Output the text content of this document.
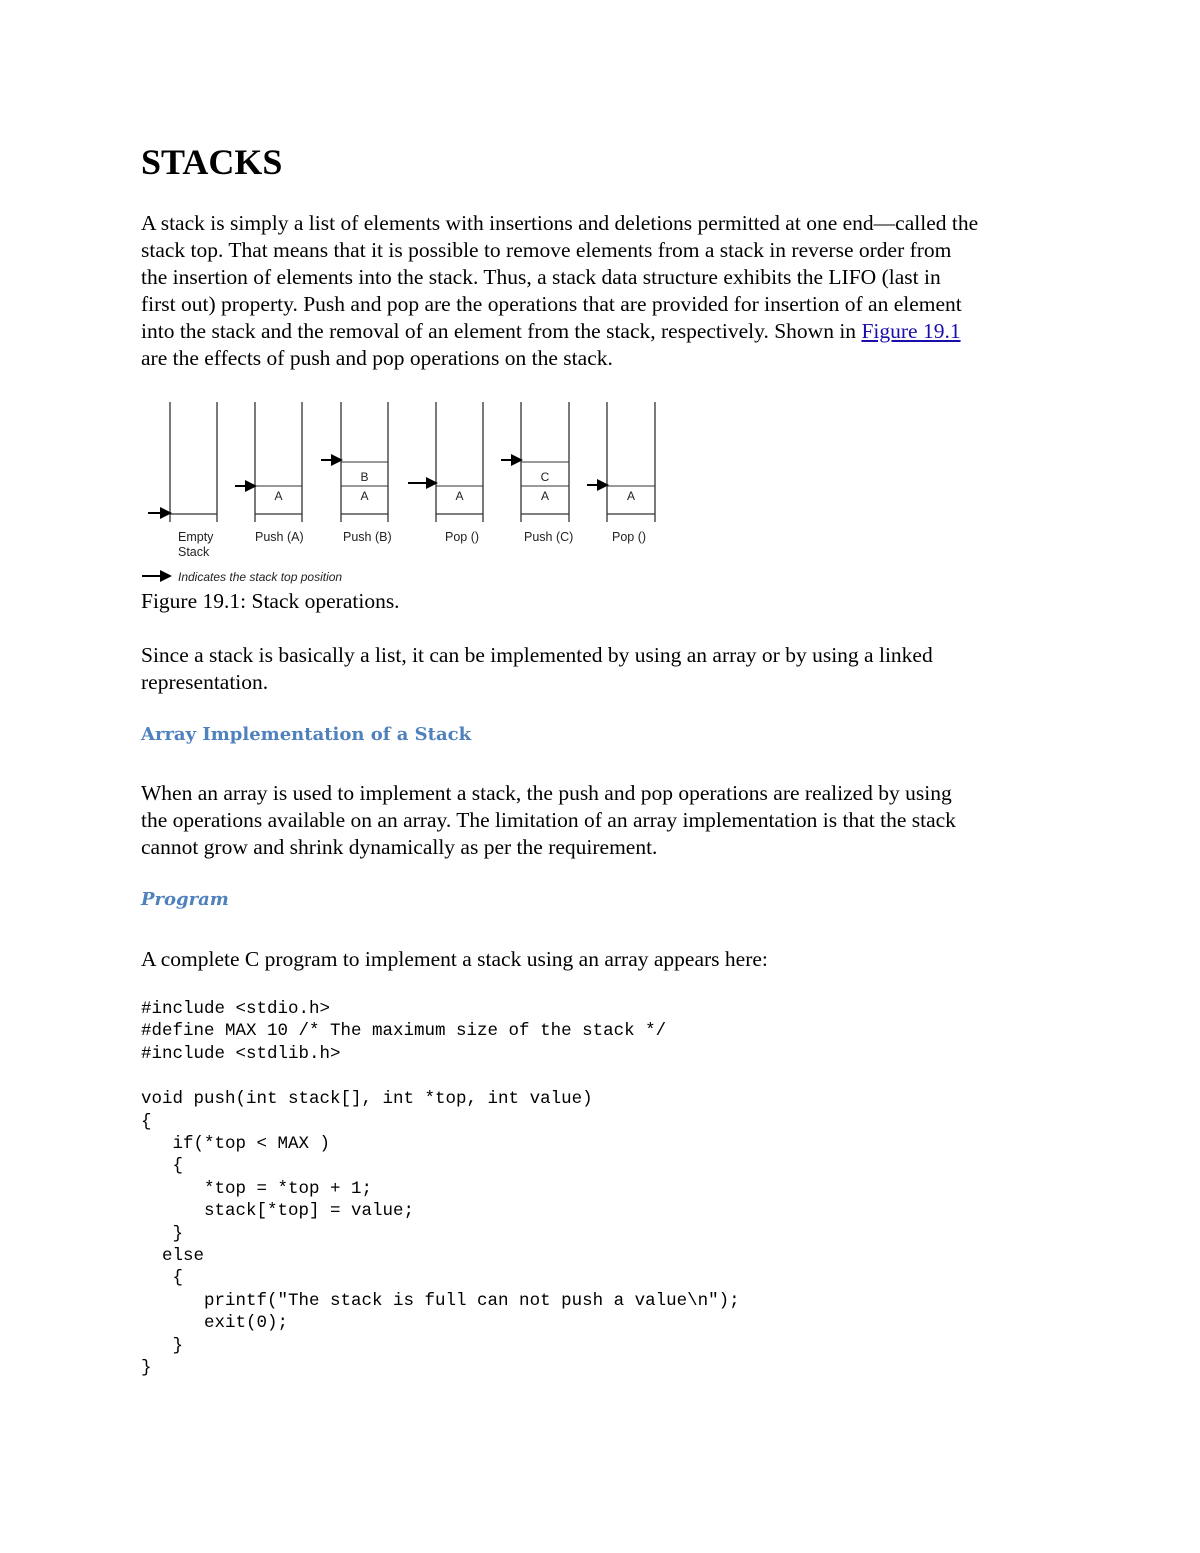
STACKS

A stack is simply a list of elements with insertions and deletions permitted at one end—called the
stack top. That means that it is possible to remove elements from a stack in reverse order from
the insertion of elements into the stack. Thus, a stack data structure exhibits the LIFO (last in
first out) property. Push and pop are the operations that are provided for insertion of an element
into the stack and the removal of an element from the stack, respectively. Shown in Figure 19.1
are the effects of push and pop operations on the stack.

Empty
Stack
A
Push (A)
B
A
Push (B)
A
Pop ()
C
A
Push (C)
A
Pop ()
Indicates the stack top position

Figure 19.1: Stack operations.

Since a stack is basically a list, it can be implemented by using an array or by using a linked
representation.

Array Implementation of a Stack

When an array is used to implement a stack, the push and pop operations are realized by using
the operations available on an array. The limitation of an array implementation is that the stack
cannot grow and shrink dynamically as per the requirement.

Program

A complete C program to implement a stack using an array appears here:

#include <stdio.h>
#define MAX 10 /* The maximum size of the stack */
#include <stdlib.h>
void push(int stack[], int *top, int value)
{
if(*top < MAX )
{
*top = *top + 1;
stack[*top] = value;
}
else
{
printf("The stack is full can not push a value\n");
exit(0);
}
}
